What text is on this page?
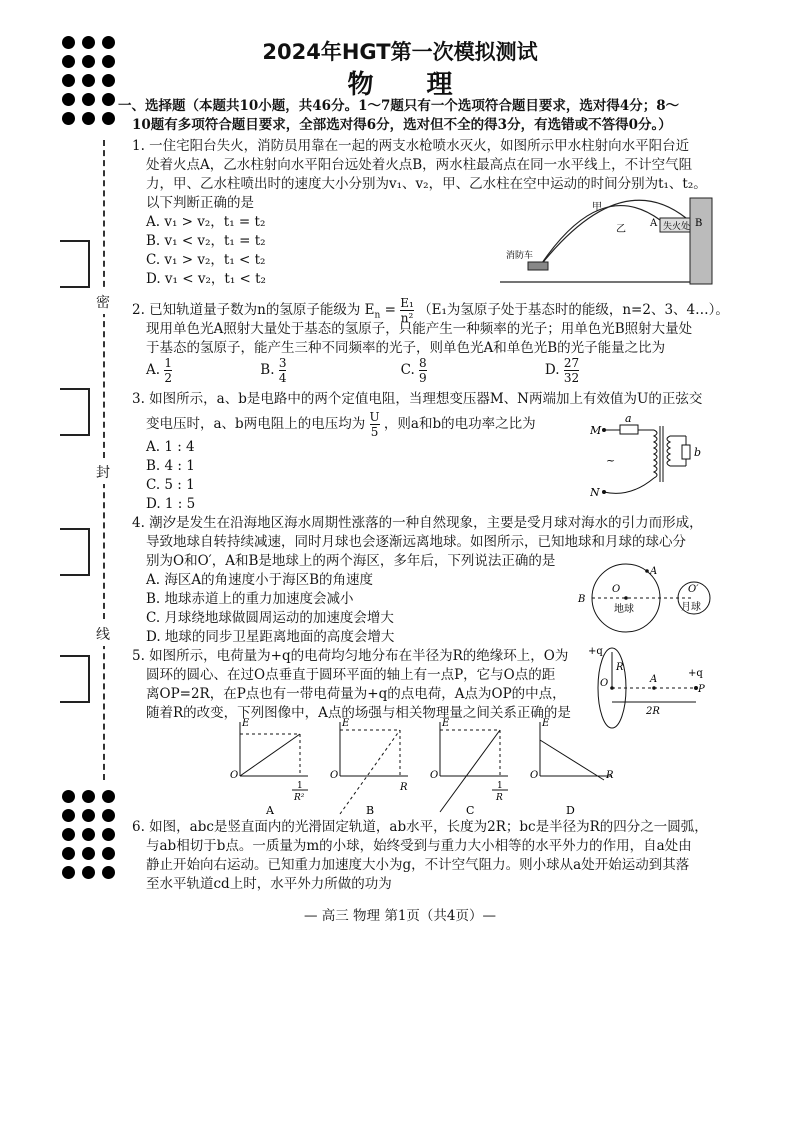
密
封
线
2024年HGT第一次模拟测试
物 理
一、选择题（本题共10小题，共46分。1～7题只有一个选项符合题目要求，选对得4分；8～
10题有多项符合题目要求，全部选对得6分，选对但不全的得3分，有选错或不答得0分。）
1. 一住宅阳台失火，消防员用靠在一起的两支水枪喷水灭火，如图所示甲水柱射向水平阳台近
处着火点A，乙水柱射向水平阳台远处着火点B，两水柱最高点在同一水平线上，不计空气阻
力，甲、乙水柱喷出时的速度大小分别为v₁、v₂，甲、乙水柱在空中运动的时间分别为t₁、t₂。
以下判断正确的是
A. v₁ > v₂，t₁ = t₂
B. v₁ < v₂，t₁ = t₂
C. v₁ > v₂，t₁ < t₂
D. v₁ < v₂，t₁ < t₂
甲
乙
A	B
失火处
消防车
2. 已知轨道量子数为n的氢原子能级为 $E_n = \frac{\text{E₁}}{\text{n²}} (E_1$为氢原子处于基态时的能级，n=2、3、4…）。
现用单色光A照射大量处于基态的氢原子，只能产生一种频率的光子；用单色光B照射大量处
于基态的氢原子，能产生三种不同频率的光子，则单色光A和单色光B的光子能量之比为
A. $\frac{1}{2}$	B. $\frac{3}{4}$	C. $\frac{8}{9}$	D. $\frac{27}{32}$
3. 如图所示，a、b是电路中的两个定值电阻，当理想变压器M、N两端加上有效值为U的正弦交
变电压时，a、b两电阻上的电压均为 $\frac{U}{5}$ ，则a和b的电功率之比为
A. 1 : 4
B. 4 : 1
C. 5 : 1
D. 1 : 5
M
N
a
b
~
4. 潮汐是发生在沿海地区海水周期性涨落的一种自然现象，主要是受月球对海水的引力而形成，
导致地球自转持续减速，同时月球也会逐渐远离地球。如图所示，已知地球和月球的球心分
别为O和O′，A和B是地球上的两个海区，多年后，下列说法正确的是
A. 海区A的角速度小于海区B的角速度
B. 地球赤道上的重力加速度会减小
C. 月球绕地球做圆周运动的加速度会增大
D. 地球的同步卫星距离地面的高度会增大
O
A
B
地球
O′
月球
5. 如图所示，电荷量为+q的电荷均匀地分布在半径为R的绝缘环上，O为
圆环的圆心、在过O点垂直于圆环平面的轴上有一点P，它与O点的距
离OP=2R，在P点也有一带电荷量为+q的点电荷，A点为OP的中点，
随着R的改变，下列图像中，A点的场强与相关物理量之间关系正确的是
+q
R
O	A
+q
P
2R
E
O
1
R²
A
E
O
R
B
E
O
1
R
C
E
O	R
D
6. 如图，abc是竖直面内的光滑固定轨道，ab水平，长度为2R；bc是半径为R的四分之一圆弧，
与ab相切于b点。一质量为m的小球，始终受到与重力大小相等的水平外力的作用，自a处由
静止开始向右运动。已知重力加速度大小为g，不计空气阻力。则小球从a处开始运动到其落
至水平轨道cd上时，水平外力所做的功为
— 高三 物理 第1页（共4页）—
